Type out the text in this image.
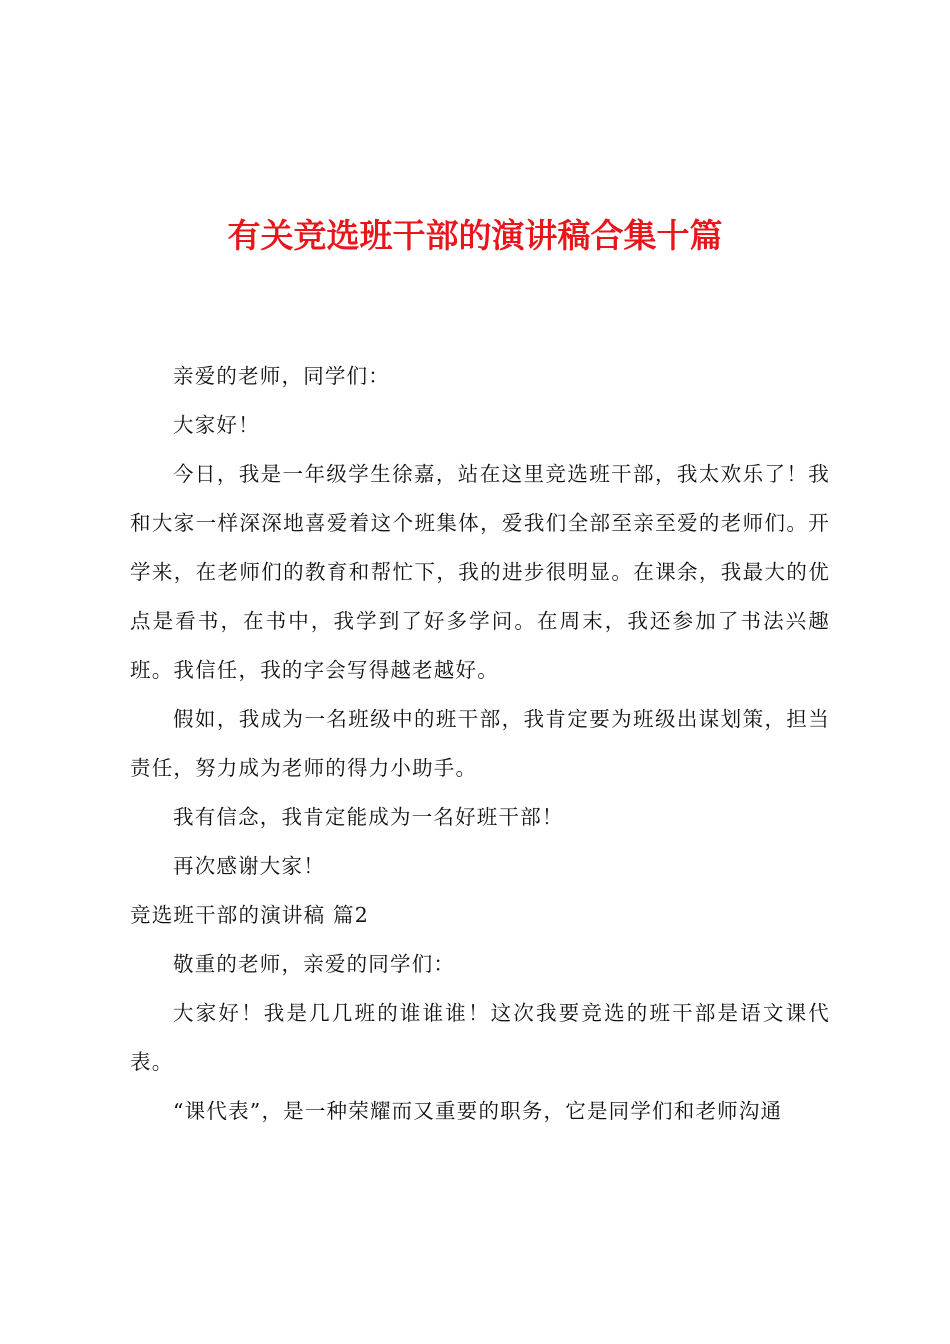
有关竞选班干部的演讲稿合集十篇

亲爱的老师，同学们：

大家好！

今日，我是一年级学生徐嘉，站在这里竞选班干部，我太欢乐了！我和大家一样深深地喜爱着这个班集体，爱我们全部至亲至爱的老师们。开学来，在老师们的教育和帮忙下，我的进步很明显。在课余，我最大的优点是看书，在书中，我学到了好多学问。在周末，我还参加了书法兴趣班。我信任，我的字会写得越老越好。

假如，我成为一名班级中的班干部，我肯定要为班级出谋划策，担当责任，努力成为老师的得力小助手。

我有信念，我肯定能成为一名好班干部！

再次感谢大家！

竞选班干部的演讲稿 篇2

敬重的老师，亲爱的同学们：

大家好！我是几几班的谁谁谁！这次我要竞选的班干部是语文课代表。

“课代表”，是一种荣耀而又重要的职务，它是同学们和老师沟通
